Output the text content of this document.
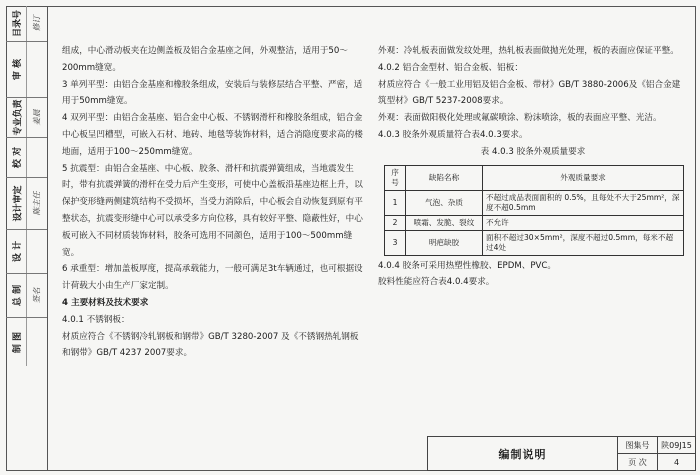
目录号 修订
审 核
专业负责 姜晨
校 对
设计审定 陈主任
设 计
总 制 签名
制 图

组成，中心滑动板夹在边侧盖板及铝合金基座之间，外观整洁，适用于50～200mm缝宽。

3 单列平型：由铝合金基座和橡胶条组成，安装后与装修层结合平整、严密，适用于50mm缝宽。

4 双列平型：由铝合金基座、铝合金中心板、不锈钢滑杆和橡胶条组成，铝合金中心板呈凹槽型，可嵌入石材、地砖、地毯等装饰材料，适合消隐度要求高的楼地面，适用于100～250mm缝宽。

5 抗震型：由铝合金基座、中心板、胶条、滑杆和抗震弹簧组成，当地震发生时，带有抗震弹簧的滑杆在受力后产生变形，可使中心盖板沿基座边框上升，以保护变形缝两侧建筑结构不受损坏，当受力消除后，中心板会自动恢复到原有平整状态，抗震变形缝中心可以承受多方向位移，具有较好平整、隐蔽性好，中心板可嵌入不同材质装饰材料，胶条可选用不同颜色，适用于100～500mm缝宽。

6 承重型：增加盖板厚度，提高承载能力，一般可满足3t车辆通过，也可根据设计荷载大小由生产厂家定制。

4 主要材料及技术要求

4.0.1 不锈钢板：

材质应符合《不锈钢冷轧钢板和钢带》GB/T 3280-2007 及《不锈钢热轧钢板和钢带》GB/T 4237 2007要求。

外观：冷轧板表面做发纹处理，热轧板表面做抛光处理，板的表面应保证平整。

4.0.2 铝合金型材、铝合金板、铝板：

材质应符合《一般工业用铝及铝合金板、带材》GB/T 3880-2006及《铝合金建筑型材》GB/T 5237-2008要求。

外观：表面做阳极化处理或氟碳喷涂、粉沫喷涂，板的表面应平整、光洁。

4.0.3 胶条外观质量符合表4.0.3要求。

表 4.0.3 胶条外观质量要求

序号	缺陷名称	外观质量要求
1	气泡、杂质	不超过成品表面面积的 0.5%，且每处不大于25mm²，深度不超0.5mm
2	喷霜、发脆、裂纹	不允许
3	明疤缺胶	面积不超过30×5mm²，深度不超过0.5mm，每米不超过4处

4.0.4 胶条可采用热塑性橡胶、EPDM、PVC。

胶料性能应符合表4.0.4要求。

编制说明
图集号	陕09J15
页 次	4
